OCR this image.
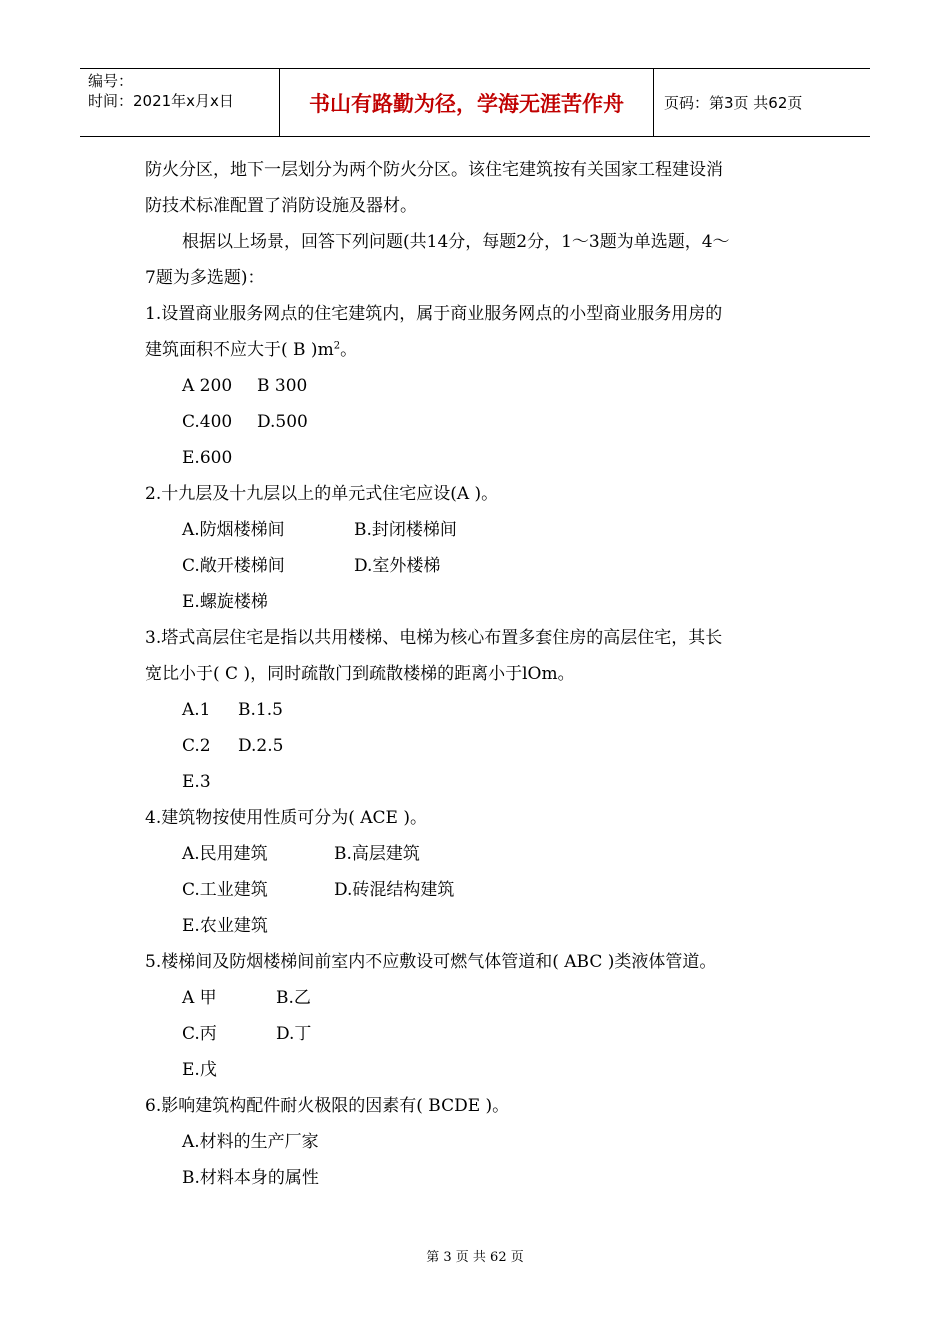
编号：
时间：2021年x月x日	书山有路勤为径，学海无涯苦作舟	页码：第3页 共62页
防火分区，地下一层划分为两个防火分区。该住宅建筑按有关国家工程建设消
防技术标准配置了消防设施及器材。
根据以上场景，回答下列问题(共14分，每题2分，1～3题为单选题，4～
7题为多选题)：
1.设置商业服务网点的住宅建筑内，属于商业服务网点的小型商业服务用房的
建筑面积不应大于( B )$m^2$。
A 200 B 300
C.400 D.500
E.600
2.十九层及十九层以上的单元式住宅应设(A )。
A.防烟楼梯间	B.封闭楼梯间
C.敞开楼梯间	D.室外楼梯
E.螺旋楼梯
3.塔式高层住宅是指以共用楼梯、电梯为核心布置多套住房的高层住宅，其长
宽比小于( C )，同时疏散门到疏散楼梯的距离小于lOm。
A.1 B.1.5
C.2 D.2.5
E.3
4.建筑物按使用性质可分为( ACE )。
A.民用建筑	B.高层建筑
C.工业建筑	D.砖混结构建筑
E.农业建筑
5.楼梯间及防烟楼梯间前室内不应敷设可燃气体管道和( ABC )类液体管道。
A 甲	B.乙
C.丙	D.丁
E.戊
6.影响建筑构配件耐火极限的因素有( BCDE )。
A.材料的生产厂家
B.材料本身的属性
第 3 页 共 62 页
